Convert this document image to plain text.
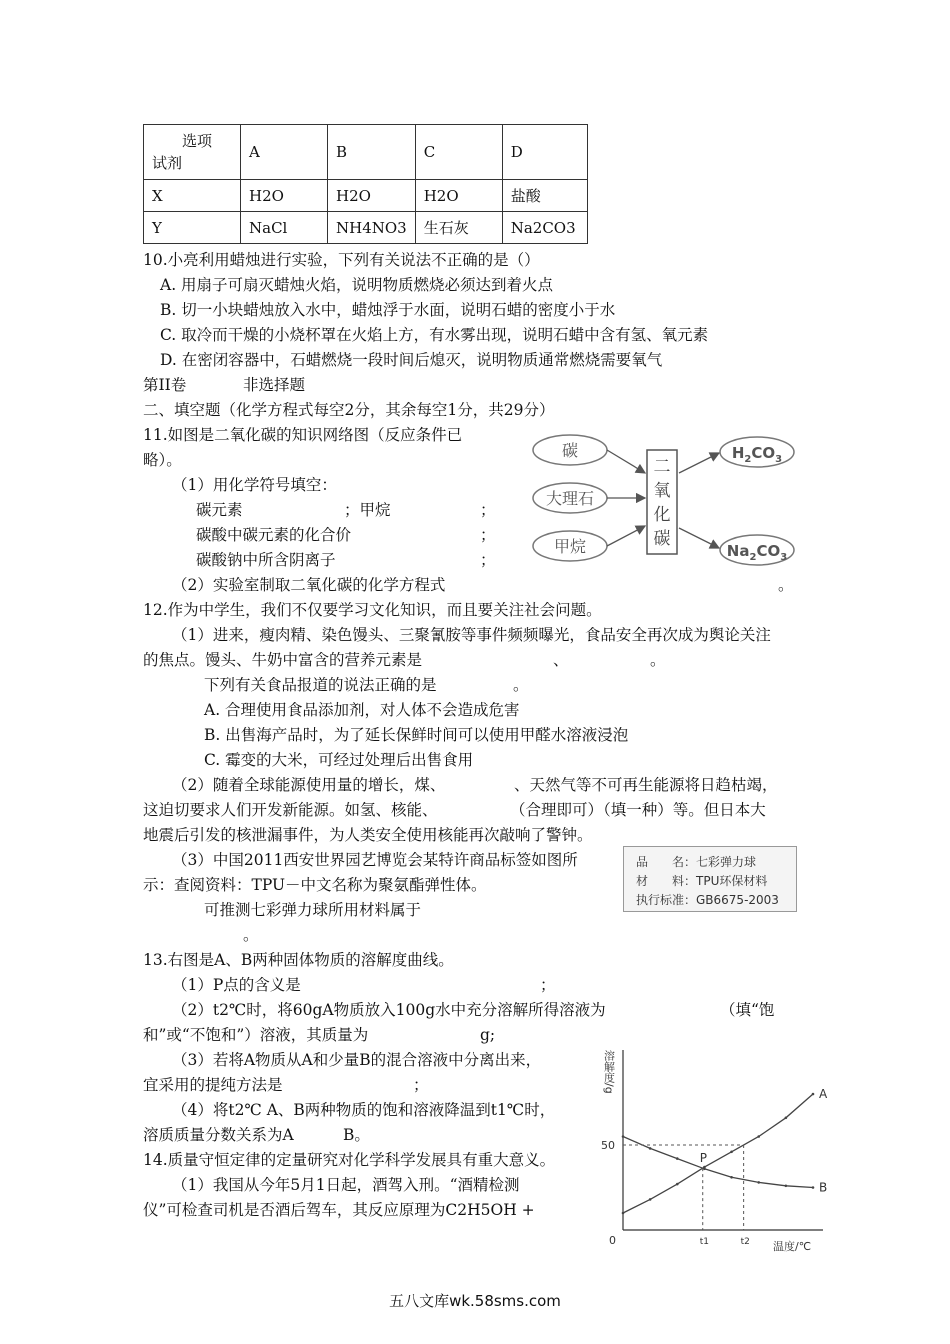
选项
试剂	A	B	C	D
X	H2O	H2O	H2O	盐酸
Y	NaCl	NH4NO3	生石灰	Na2CO3
10.小亮利用蜡烛进行实验，下列有关说法不正确的是（）
A. 用扇子可扇灭蜡烛火焰，说明物质燃烧必须达到着火点
B. 切一小块蜡烛放入水中，蜡烛浮于水面，说明石蜡的密度小于水
C. 取冷而干燥的小烧杯罩在火焰上方，有水雾出现，说明石蜡中含有氢、氧元素
D. 在密闭容器中，石蜡燃烧一段时间后熄灭，说明物质通常燃烧需要氧气
第II卷	非选择题
二、填空题（化学方程式每空2分，其余每空1分，共29分）
11.如图是二氧化碳的知识网络图（反应条件已
略）。
（1）用化学符号填空：
碳元素	；甲烷	；
碳酸中碳元素的化合价	；
碳酸钠中所含阴离子	；
（2）实验室制取二氧化碳的化学方程式	。
碳
大理石
甲烷
二
氧
化
碳
$H_2CO_3$
$Na_2CO_3$
12.作为中学生，我们不仅要学习文化知识，而且要关注社会问题。
（1）进来，瘦肉精、染色馒头、三聚氰胺等事件频频曝光，食品安全再次成为舆论关注
的焦点。馒头、牛奶中富含的营养元素是	、	。
下列有关食品报道的说法正确的是	。
A. 合理使用食品添加剂，对人体不会造成危害
B. 出售海产品时，为了延长保鲜时间可以使用甲醛水溶液浸泡
C. 霉变的大米，可经过处理后出售食用
（2）随着全球能源使用量的增长，煤、	、天然气等不可再生能源将日趋枯竭，
这迫切要求人们开发新能源。如氢、核能、	（合理即可）（填一种）等。但日本大
地震后引发的核泄漏事件，为人类安全使用核能再次敲响了警钟。
（3）中国2011西安世界园艺博览会某特许商品标签如图所
示：查阅资料：TPU－中文名称为聚氨酯弹性体。
可推测七彩弹力球所用材料属于
。
品　　名：七彩弹力球
材　　料：TPU环保材料
执行标准：GB6675-2003
13.右图是A、B两种固体物质的溶解度曲线。
（1）P点的含义是	；
（2）t2℃时，将60gA物质放入100g水中充分溶解所得溶液为	（填“饱
和”或“不饱和”）溶液，其质量为	g;
（3）若将A物质从A和少量B的混合溶液中分离出来，
宜采用的提纯方法是	；
（4）将t2℃ A、B两种物质的饱和溶液降温到t1℃时，
溶质质量分数关系为A	B。
14.质量守恒定律的定量研究对化学科学发展具有重大意义。
（1）我国从今年5月1日起，酒驾入刑。“酒精检测
仪”可检查司机是否酒后驾车，其反应原理为C2H5OH +
溶解度/g
温度/℃
0
A
B
P
50
t1	t2
五八文库wk.58sms.com
